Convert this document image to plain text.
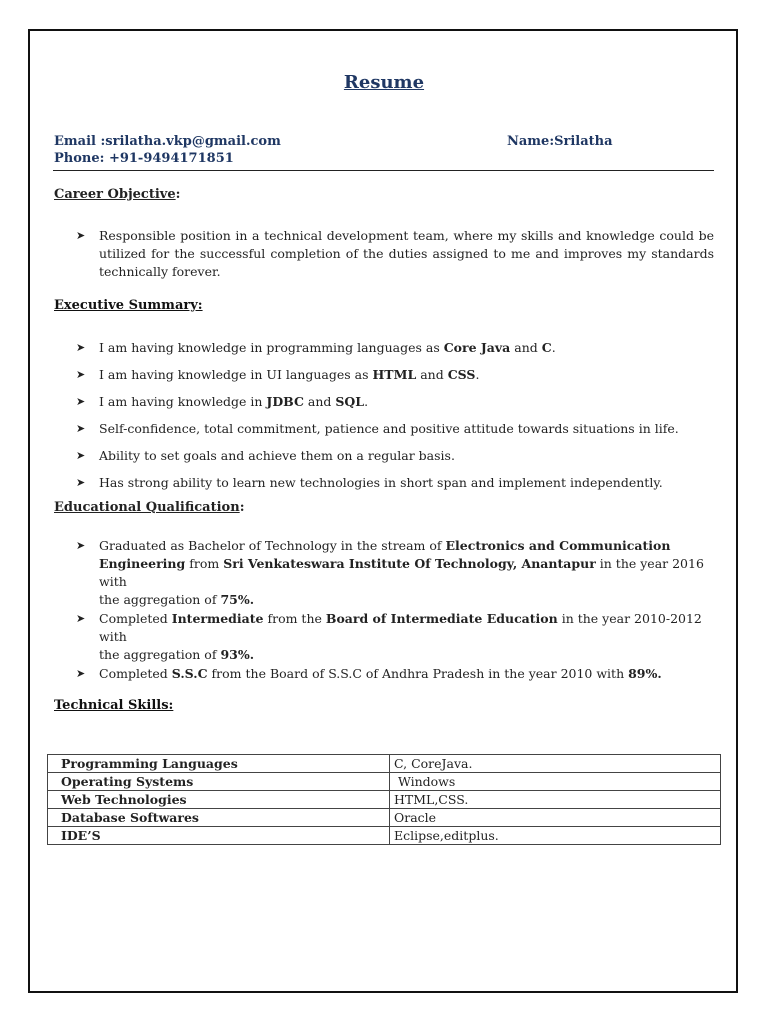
Resume
Email :srilatha.vkp@gmail.com	Name:Srilatha
Phone: +91-9494171851
Career Objective:
➤ Responsible position in a technical development team, where my skills and knowledge could be
utilized for the successful completion of the duties assigned to me and improves my standards
technically forever.
Executive Summary:
➤ I am having knowledge in programming languages as Core Java and C.
➤ I am having knowledge in UI languages as HTML and CSS.
➤ I am having knowledge in JDBC and SQL.
➤ Self-confidence, total commitment, patience and positive attitude towards situations in life.
➤ Ability to set goals and achieve them on a regular basis.
➤ Has strong ability to learn new technologies in short span and implement independently.
Educational Qualification:
➤ Graduated as Bachelor of Technology in the stream of Electronics and Communication
Engineering from Sri Venkateswara Institute Of Technology, Anantapur in the year 2016 with
the aggregation of 75%.
➤ Completed Intermediate from the Board of Intermediate Education in the year 2010-2012 with
the aggregation of 93%.
➤ Completed S.S.C from the Board of S.S.C of Andhra Pradesh in the year 2010 with 89%.
Technical Skills:
Programming Languages	C, CoreJava.
Operating Systems	Windows
Web Technologies	HTML,CSS.
Database Softwares	Oracle
IDE’S	Eclipse,editplus.
